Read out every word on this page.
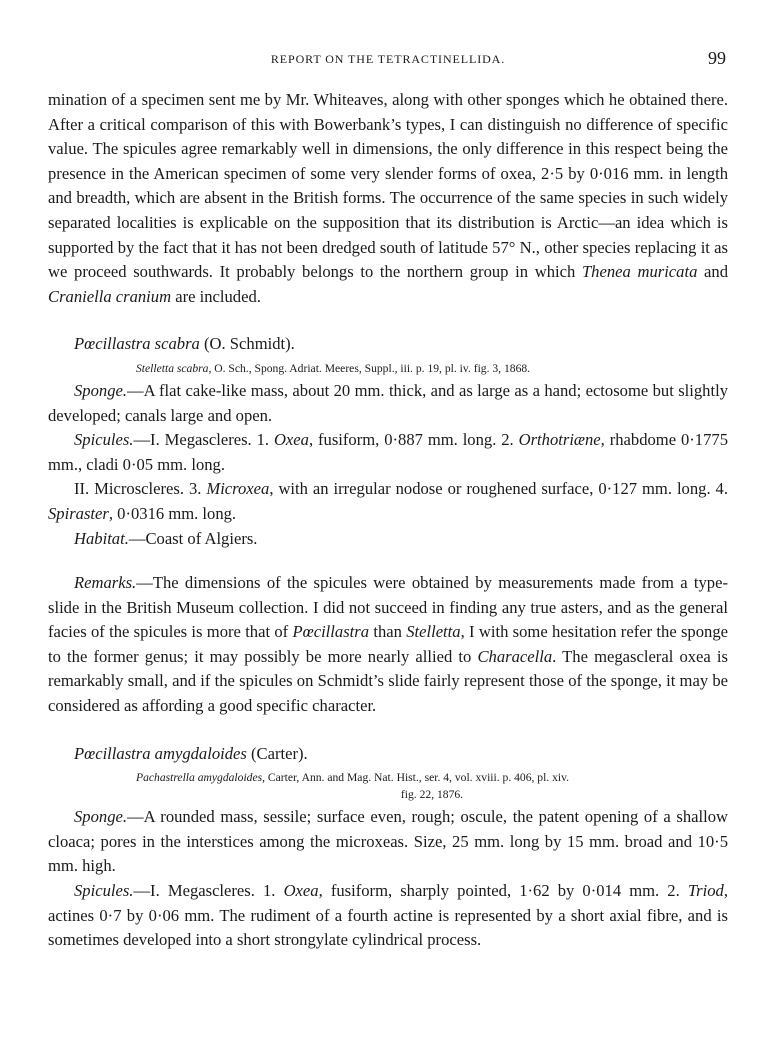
REPORT ON THE TETRACTINELLIDA.	99

mination of a specimen sent me by Mr. Whiteaves, along with other sponges which he obtained there. After a critical comparison of this with Bowerbank’s types, I can distinguish no difference of specific value. The spicules agree remarkably well in dimensions, the only difference in this respect being the presence in the American specimen of some very slender forms of oxea, 2·5 by 0·016 mm. in length and breadth, which are absent in the British forms. The occurrence of the same species in such widely separated localities is explicable on the supposition that its distribution is Arctic—an idea which is supported by the fact that it has not been dredged south of latitude 57° N., other species replacing it as we proceed southwards. It probably belongs to the northern group in which Thenea muricata and Craniella cranium are included.

Pœcillastra scabra (O. Schmidt).
Stelletta scabra, O. Sch., Spong. Adriat. Meeres, Suppl., iii. p. 19, pl. iv. fig. 3, 1868.

Sponge.—A flat cake-like mass, about 20 mm. thick, and as large as a hand; ectosome but slightly developed; canals large and open.

Spicules.—I. Megascleres. 1. Oxea, fusiform, 0·887 mm. long. 2. Orthotriæne, rhabdome 0·1775 mm., cladi 0·05 mm. long.

II. Microscleres. 3. Microxea, with an irregular nodose or roughened surface, 0·127 mm. long. 4. Spiraster, 0·0316 mm. long.

Habitat.—Coast of Algiers.

Remarks.—The dimensions of the spicules were obtained by measurements made from a type-slide in the British Museum collection. I did not succeed in finding any true asters, and as the general facies of the spicules is more that of Pœcillastra than Stelletta, I with some hesitation refer the sponge to the former genus; it may possibly be more nearly allied to Characella. The megascleral oxea is remarkably small, and if the spicules on Schmidt’s slide fairly represent those of the sponge, it may be considered as affording a good specific character.

Pœcillastra amygdaloides (Carter).
Pachastrella amygdaloides, Carter, Ann. and Mag. Nat. Hist., ser. 4, vol. xviii. p. 406, pl. xiv.
fig. 22, 1876.

Sponge.—A rounded mass, sessile; surface even, rough; oscule, the patent opening of a shallow cloaca; pores in the interstices among the microxeas. Size, 25 mm. long by 15 mm. broad and 10·5 mm. high.

Spicules.—I. Megascleres. 1. Oxea, fusiform, sharply pointed, 1·62 by 0·014 mm. 2. Triod, actines 0·7 by 0·06 mm. The rudiment of a fourth actine is represented by a short axial fibre, and is sometimes developed into a short strongylate cylindrical process.
